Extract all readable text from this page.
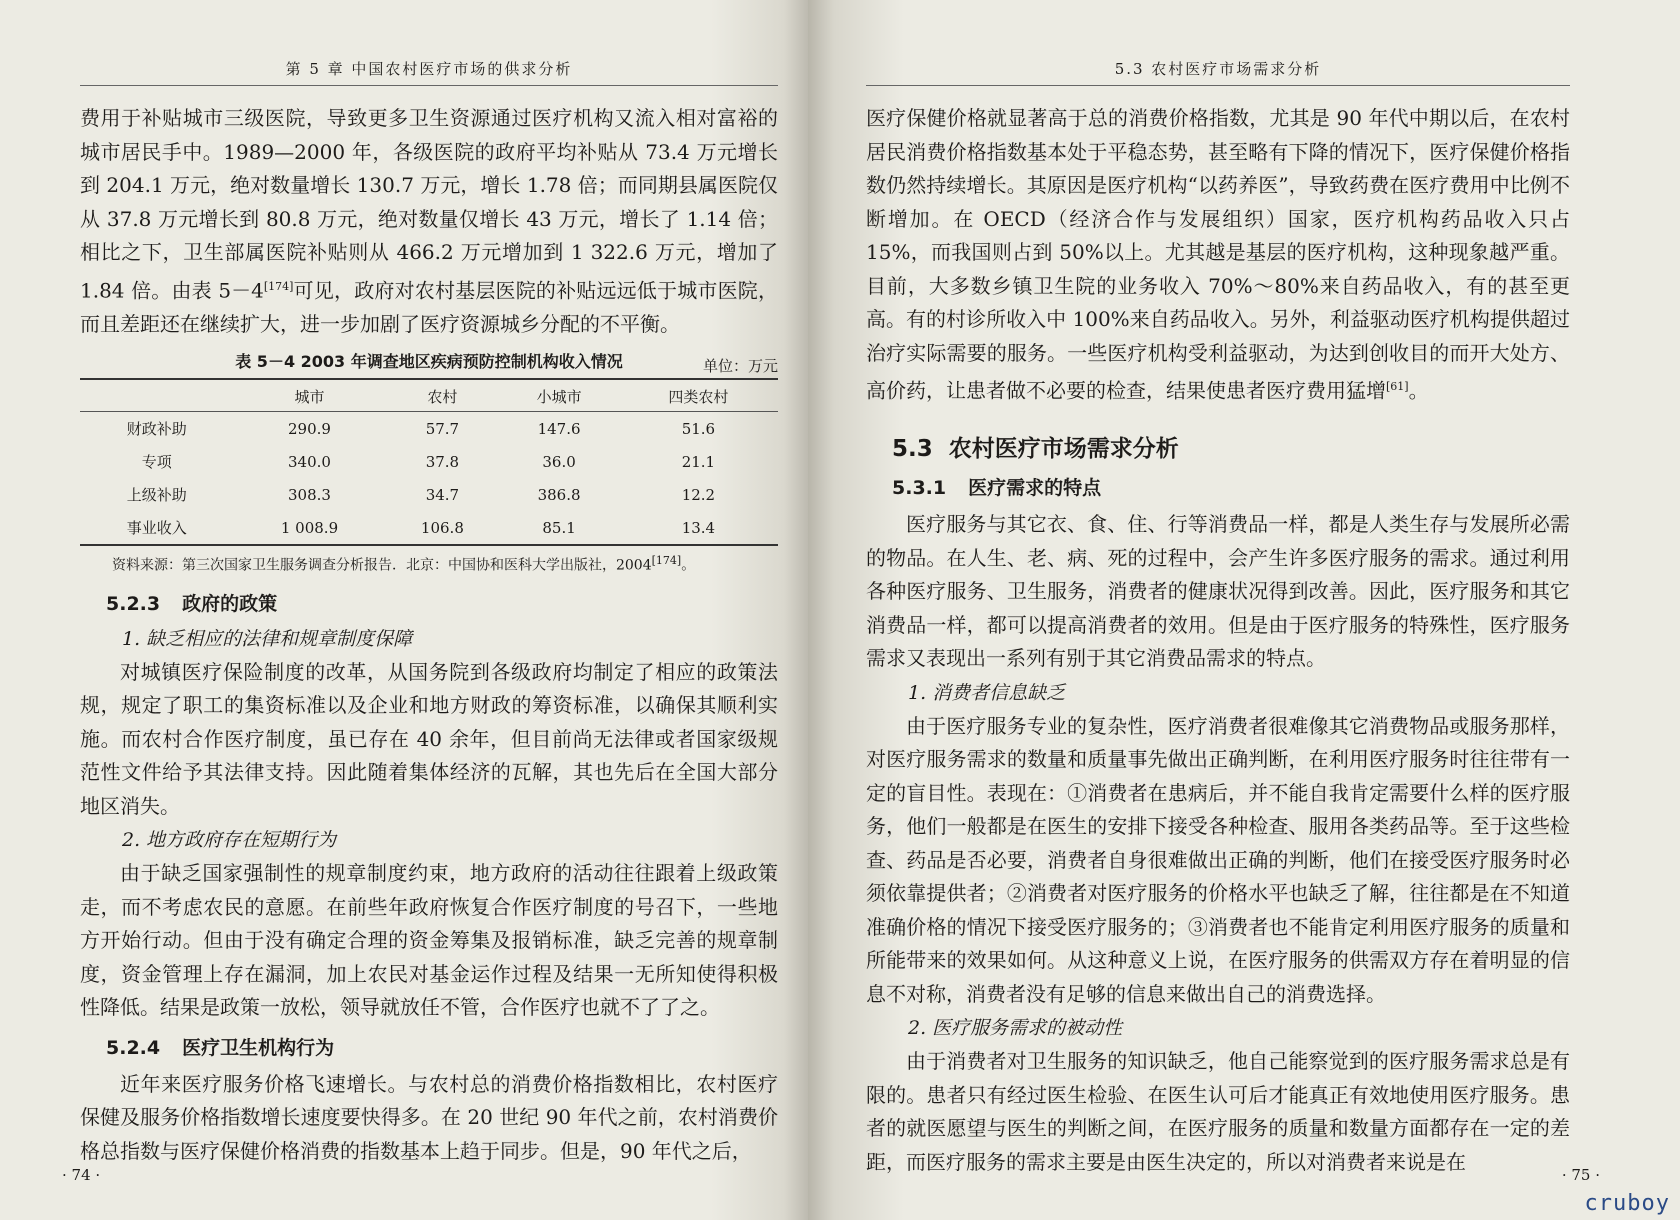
第 5 章 中国农村医疗市场的供求分析

费用于补贴城市三级医院，导致更多卫生资源通过医疗机构又流入相对富裕的城市居民手中。1989—2000 年，各级医院的政府平均补贴从 73.4 万元增长到 204.1 万元，绝对数量增长 130.7 万元，增长 1.78 倍；而同期县属医院仅从 37.8 万元增长到 80.8 万元，绝对数量仅增长 43 万元，增长了 1.14 倍；相比之下，卫生部属医院补贴则从 466.2 万元增加到 1 322.6 万元，增加了 1.84 倍。由表 5－4[174]可见，政府对农村基层医院的补贴远远低于城市医院，而且差距还在继续扩大，进一步加剧了医疗资源城乡分配的不平衡。

表 5－4 2003 年调查地区疾病预防控制机构收入情况	单位：万元
	城市	农村	小城市	四类农村
财政补助	290.9	57.7	147.6	51.6
专项	340.0	37.8	36.0	21.1
上级补助	308.3	34.7	386.8	12.2
事业收入	1 008.9	106.8	85.1	13.4
资料来源：第三次国家卫生服务调查分析报告．北京：中国协和医科大学出版社，2004[174]。
5.2.3 政府的政策
1. 缺乏相应的法律和规章制度保障

对城镇医疗保险制度的改革，从国务院到各级政府均制定了相应的政策法规，规定了职工的集资标准以及企业和地方财政的筹资标准，以确保其顺利实施。而农村合作医疗制度，虽已存在 40 余年，但目前尚无法律或者国家级规范性文件给予其法律支持。因此随着集体经济的瓦解，其也先后在全国大部分地区消失。

2. 地方政府存在短期行为

由于缺乏国家强制性的规章制度约束，地方政府的活动往往跟着上级政策走，而不考虑农民的意愿。在前些年政府恢复合作医疗制度的号召下，一些地方开始行动。但由于没有确定合理的资金筹集及报销标准，缺乏完善的规章制度，资金管理上存在漏洞，加上农民对基金运作过程及结果一无所知使得积极性降低。结果是政策一放松，领导就放任不管，合作医疗也就不了了之。

5.2.4 医疗卫生机构行为

近年来医疗服务价格飞速增长。与农村总的消费价格指数相比，农村医疗保健及服务价格指数增长速度要快得多。在 20 世纪 90 年代之前，农村消费价格总指数与医疗保健价格消费的指数基本上趋于同步。但是，90 年代之后，

· 74 ·
5.3 农村医疗市场需求分析

医疗保健价格就显著高于总的消费价格指数，尤其是 90 年代中期以后，在农村居民消费价格指数基本处于平稳态势，甚至略有下降的情况下，医疗保健价格指数仍然持续增长。其原因是医疗机构“以药养医”，导致药费在医疗费用中比例不断增加。在 OECD（经济合作与发展组织）国家，医疗机构药品收入只占 15%，而我国则占到 50%以上。尤其越是基层的医疗机构，这种现象越严重。目前，大多数乡镇卫生院的业务收入 70%～80%来自药品收入，有的甚至更高。有的村诊所收入中 100%来自药品收入。另外，利益驱动医疗机构提供超过治疗实际需要的服务。一些医疗机构受利益驱动，为达到创收目的而开大处方、高价药，让患者做不必要的检查，结果使患者医疗费用猛增[61]。

5.3 农村医疗市场需求分析
5.3.1 医疗需求的特点

医疗服务与其它衣、食、住、行等消费品一样，都是人类生存与发展所必需的物品。在人生、老、病、死的过程中，会产生许多医疗服务的需求。通过利用各种医疗服务、卫生服务，消费者的健康状况得到改善。因此，医疗服务和其它消费品一样，都可以提高消费者的效用。但是由于医疗服务的特殊性，医疗服务需求又表现出一系列有别于其它消费品需求的特点。

1. 消费者信息缺乏

由于医疗服务专业的复杂性，医疗消费者很难像其它消费物品或服务那样，对医疗服务需求的数量和质量事先做出正确判断，在利用医疗服务时往往带有一定的盲目性。表现在：①消费者在患病后，并不能自我肯定需要什么样的医疗服务，他们一般都是在医生的安排下接受各种检查、服用各类药品等。至于这些检查、药品是否必要，消费者自身很难做出正确的判断，他们在接受医疗服务时必须依靠提供者；②消费者对医疗服务的价格水平也缺乏了解，往往都是在不知道准确价格的情况下接受医疗服务的；③消费者也不能肯定利用医疗服务的质量和所能带来的效果如何。从这种意义上说，在医疗服务的供需双方存在着明显的信息不对称，消费者没有足够的信息来做出自己的消费选择。

2. 医疗服务需求的被动性

由于消费者对卫生服务的知识缺乏，他自己能察觉到的医疗服务需求总是有限的。患者只有经过医生检验、在医生认可后才能真正有效地使用医疗服务。患者的就医愿望与医生的判断之间，在医疗服务的质量和数量方面都存在一定的差距，而医疗服务的需求主要是由医生决定的，所以对消费者来说是在

· 75 ·
cruboy
